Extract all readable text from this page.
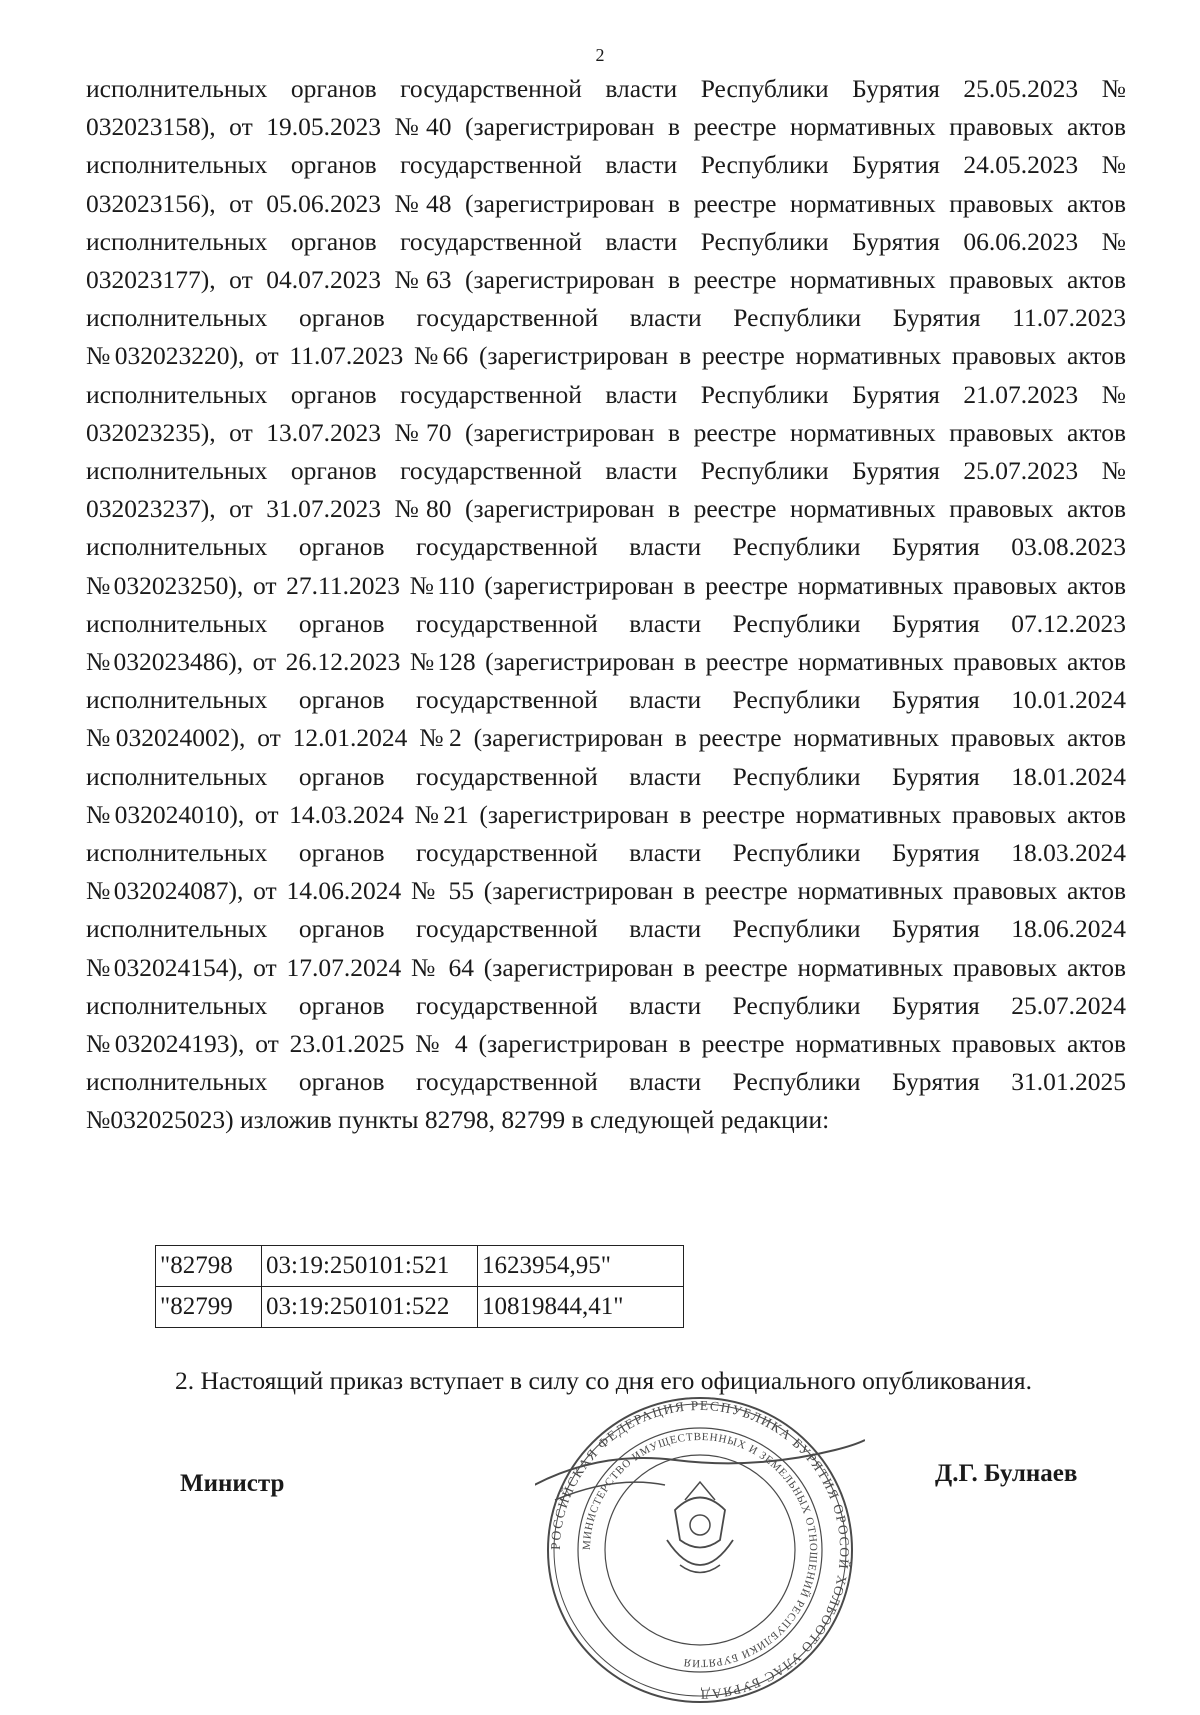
2

исполнительных органов государственной власти Республики Бурятия 25.05.2023 № 032023158), от 19.05.2023 №40 (зарегистрирован в реестре нормативных правовых актов исполнительных органов государственной власти Республики Бурятия 24.05.2023 № 032023156), от 05.06.2023 №48 (зарегистрирован в реестре нормативных правовых актов исполнительных органов государственной власти Республики Бурятия 06.06.2023 № 032023177), от 04.07.2023 №63 (зарегистрирован в реестре нормативных правовых актов исполнительных органов государственной власти Республики Бурятия 11.07.2023 №032023220), от 11.07.2023 №66 (зарегистрирован в реестре нормативных правовых актов исполнительных органов государственной власти Республики Бурятия 21.07.2023 № 032023235), от 13.07.2023 №70 (зарегистрирован в реестре нормативных правовых актов исполнительных органов государственной власти Республики Бурятия 25.07.2023 № 032023237), от 31.07.2023 №80 (зарегистрирован в реестре нормативных правовых актов исполнительных органов государственной власти Республики Бурятия 03.08.2023 №032023250), от 27.11.2023 №110 (зарегистрирован в реестре нормативных правовых актов исполнительных органов государственной власти Республики Бурятия 07.12.2023 №032023486), от 26.12.2023 №128 (зарегистрирован в реестре нормативных правовых актов исполнительных органов государственной власти Республики Бурятия 10.01.2024 №032024002), от 12.01.2024 №2 (зарегистрирован в реестре нормативных правовых актов исполнительных органов государственной власти Республики Бурятия 18.01.2024 №032024010), от 14.03.2024 №21 (зарегистрирован в реестре нормативных правовых актов исполнительных органов государственной власти Республики Бурятия 18.03.2024 №032024087), от 14.06.2024 № 55 (зарегистрирован в реестре нормативных правовых актов исполнительных органов государственной власти Республики Бурятия 18.06.2024 №032024154), от 17.07.2024 № 64 (зарегистрирован в реестре нормативных правовых актов исполнительных органов государственной власти Республики Бурятия 25.07.2024 №032024193), от 23.01.2025 № 4 (зарегистрирован в реестре нормативных правовых актов исполнительных органов государственной власти Республики Бурятия 31.01.2025 №032025023) изложив пункты 82798, 82799 в следующей редакции:

"82798	03:19:250101:521	1623954,95"
"82799	03:19:250101:522	10819844,41"

2. Настоящий приказ вступает в силу со дня его официального опубликования.

Министр
РОССИЙСКАЯ ФЕДЕРАЦИЯ РЕСПУБЛИКА БУРЯТИЯ ОРОСОЙ ХОЛБООТО УЛАС БУРЯАД
МИНИСТЕРСТВО ИМУЩЕСТВЕННЫХ И ЗЕМЕЛЬНЫХ ОТНОШЕНИЙ РЕСПУБЛИКИ БУРЯТИЯ
Д.Г. Булнаев
